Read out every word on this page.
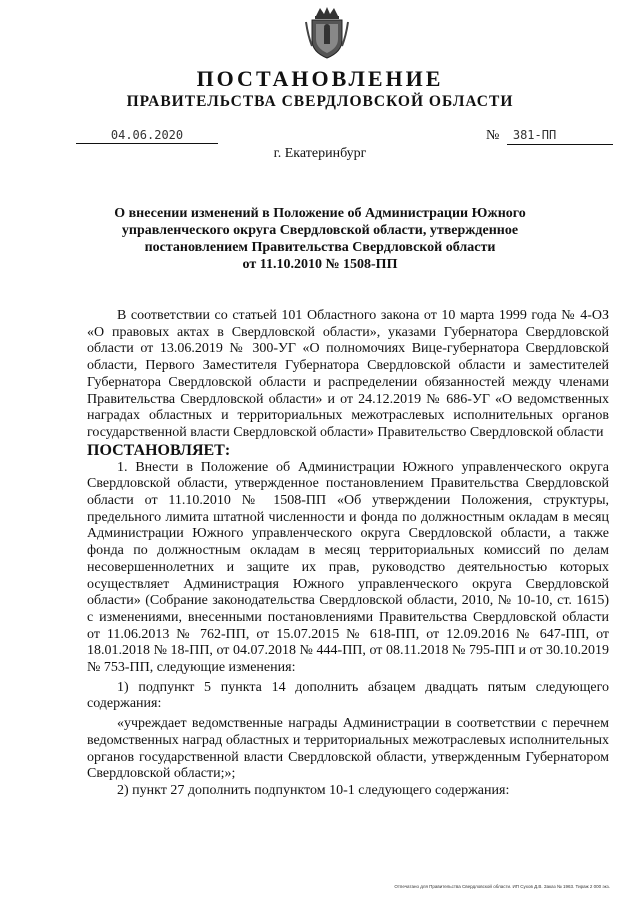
ПОСТАНОВЛЕНИЕ
ПРАВИТЕЛЬСТВА СВЕРДЛОВСКОЙ ОБЛАСТИ
04.06.2020	№ 381-ПП
г. Екатеринбург
О внесении изменений в Положение об Администрации Южного
управленческого округа Свердловской области, утвержденное
постановлением Правительства Свердловской области
от 11.10.2010 № 1508-ПП

В соответствии со статьей 101 Областного закона от 10 марта 1999 года № 4-ОЗ «О правовых актах в Свердловской области», указами Губернатора Свердловской области от 13.06.2019 № 300-УГ «О полномочиях Вице-губернатора Свердловской области, Первого Заместителя Губернатора Свердловской области и заместителей Губернатора Свердловской области и распределении обязанностей между членами Правительства Свердловской области» и от 24.12.2019 № 686-УГ «О ведомственных наградах областных и территориальных межотраслевых исполнительных органов государственной власти Свердловской области» Правительство Свердловской области

ПОСТАНОВЛЯЕТ:

1. Внести в Положение об Администрации Южного управленческого округа Свердловской области, утвержденное постановлением Правительства Свердловской области от 11.10.2010 № 1508-ПП «Об утверждении Положения, структуры, предельного лимита штатной численности и фонда по должностным окладам в месяц Администрации Южного управленческого округа Свердловской области, а также фонда по должностным окладам в месяц территориальных комиссий по делам несовершеннолетних и защите их прав, руководство деятельностью которых осуществляет Администрация Южного управленческого округа Свердловской области» (Собрание законодательства Свердловской области, 2010, № 10-10, ст. 1615) с изменениями, внесенными постановлениями Правительства Свердловской области от 11.06.2013 № 762-ПП, от 15.07.2015 № 618-ПП, от 12.09.2016 № 647-ПП, от 18.01.2018 № 18-ПП, от 04.07.2018 № 444-ПП, от 08.11.2018 № 795-ПП и от 30.10.2019 № 753-ПП, следующие изменения:

1) подпункт 5 пункта 14 дополнить абзацем двадцать пятым следующего содержания:

«учреждает ведомственные награды Администрации в соответствии с перечнем ведомственных наград областных и территориальных межотраслевых исполнительных органов государственной власти Свердловской области, утвержденным Губернатором Свердловской области;»;

2) пункт 27 дополнить подпунктом 10-1 следующего содержания:

Отпечатано для Правительства Свердловской области. ИП Сухов Д.В. Заказ № 1963. Тираж 2 000 экз.
